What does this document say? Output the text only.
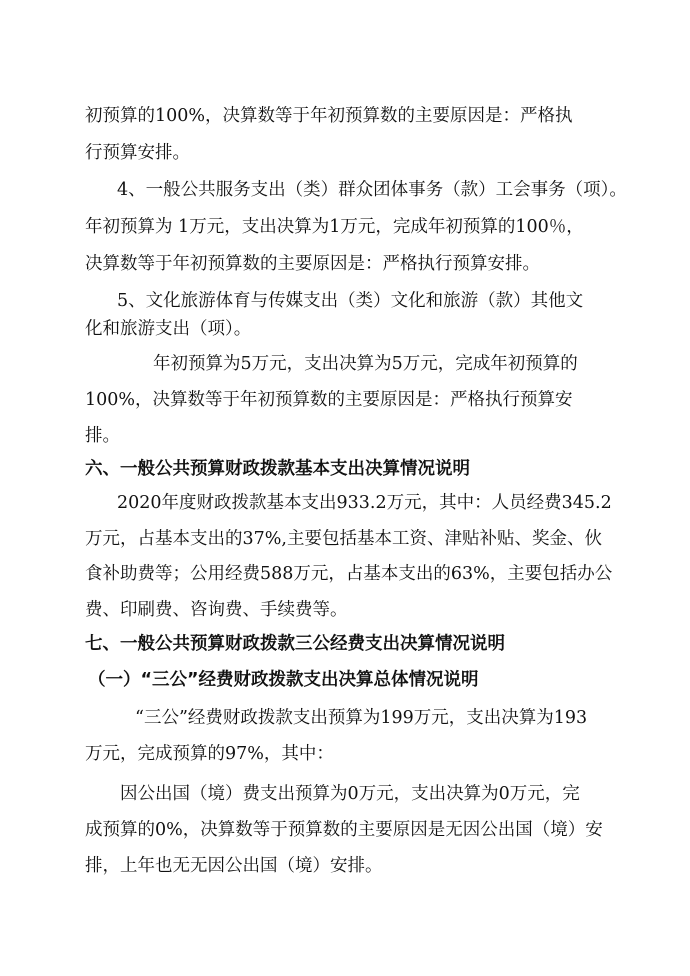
初预算的100%，决算数等于年初预算数的主要原因是：严格执
行预算安排。
4、一般公共服务支出（类）群众团体事务（款）工会事务（项）。
年初预算为 1万元，支出决算为1万元，完成年初预算的100％，
决算数等于年初预算数的主要原因是：严格执行预算安排。
5、文化旅游体育与传媒支出（类）文化和旅游（款）其他文
化和旅游支出（项）。
年初预算为5万元，支出决算为5万元，完成年初预算的
100%，决算数等于年初预算数的主要原因是：严格执行预算安
排。
六、一般公共预算财政拨款基本支出决算情况说明
2020年度财政拨款基本支出933.2万元，其中：人员经费345.2
万元，占基本支出的37%,主要包括基本工资、津贴补贴、奖金、伙
食补助费等；公用经费588万元，占基本支出的63%，主要包括办公
费、印刷费、咨询费、手续费等。
七、一般公共预算财政拨款三公经费支出决算情况说明
（一）“三公”经费财政拨款支出决算总体情况说明
“三公”经费财政拨款支出预算为199万元，支出决算为193
万元，完成预算的97%，其中：
因公出国（境）费支出预算为0万元，支出决算为0万元，完
成预算的0%，决算数等于预算数的主要原因是无因公出国（境）安
排，上年也无无因公出国（境）安排。
